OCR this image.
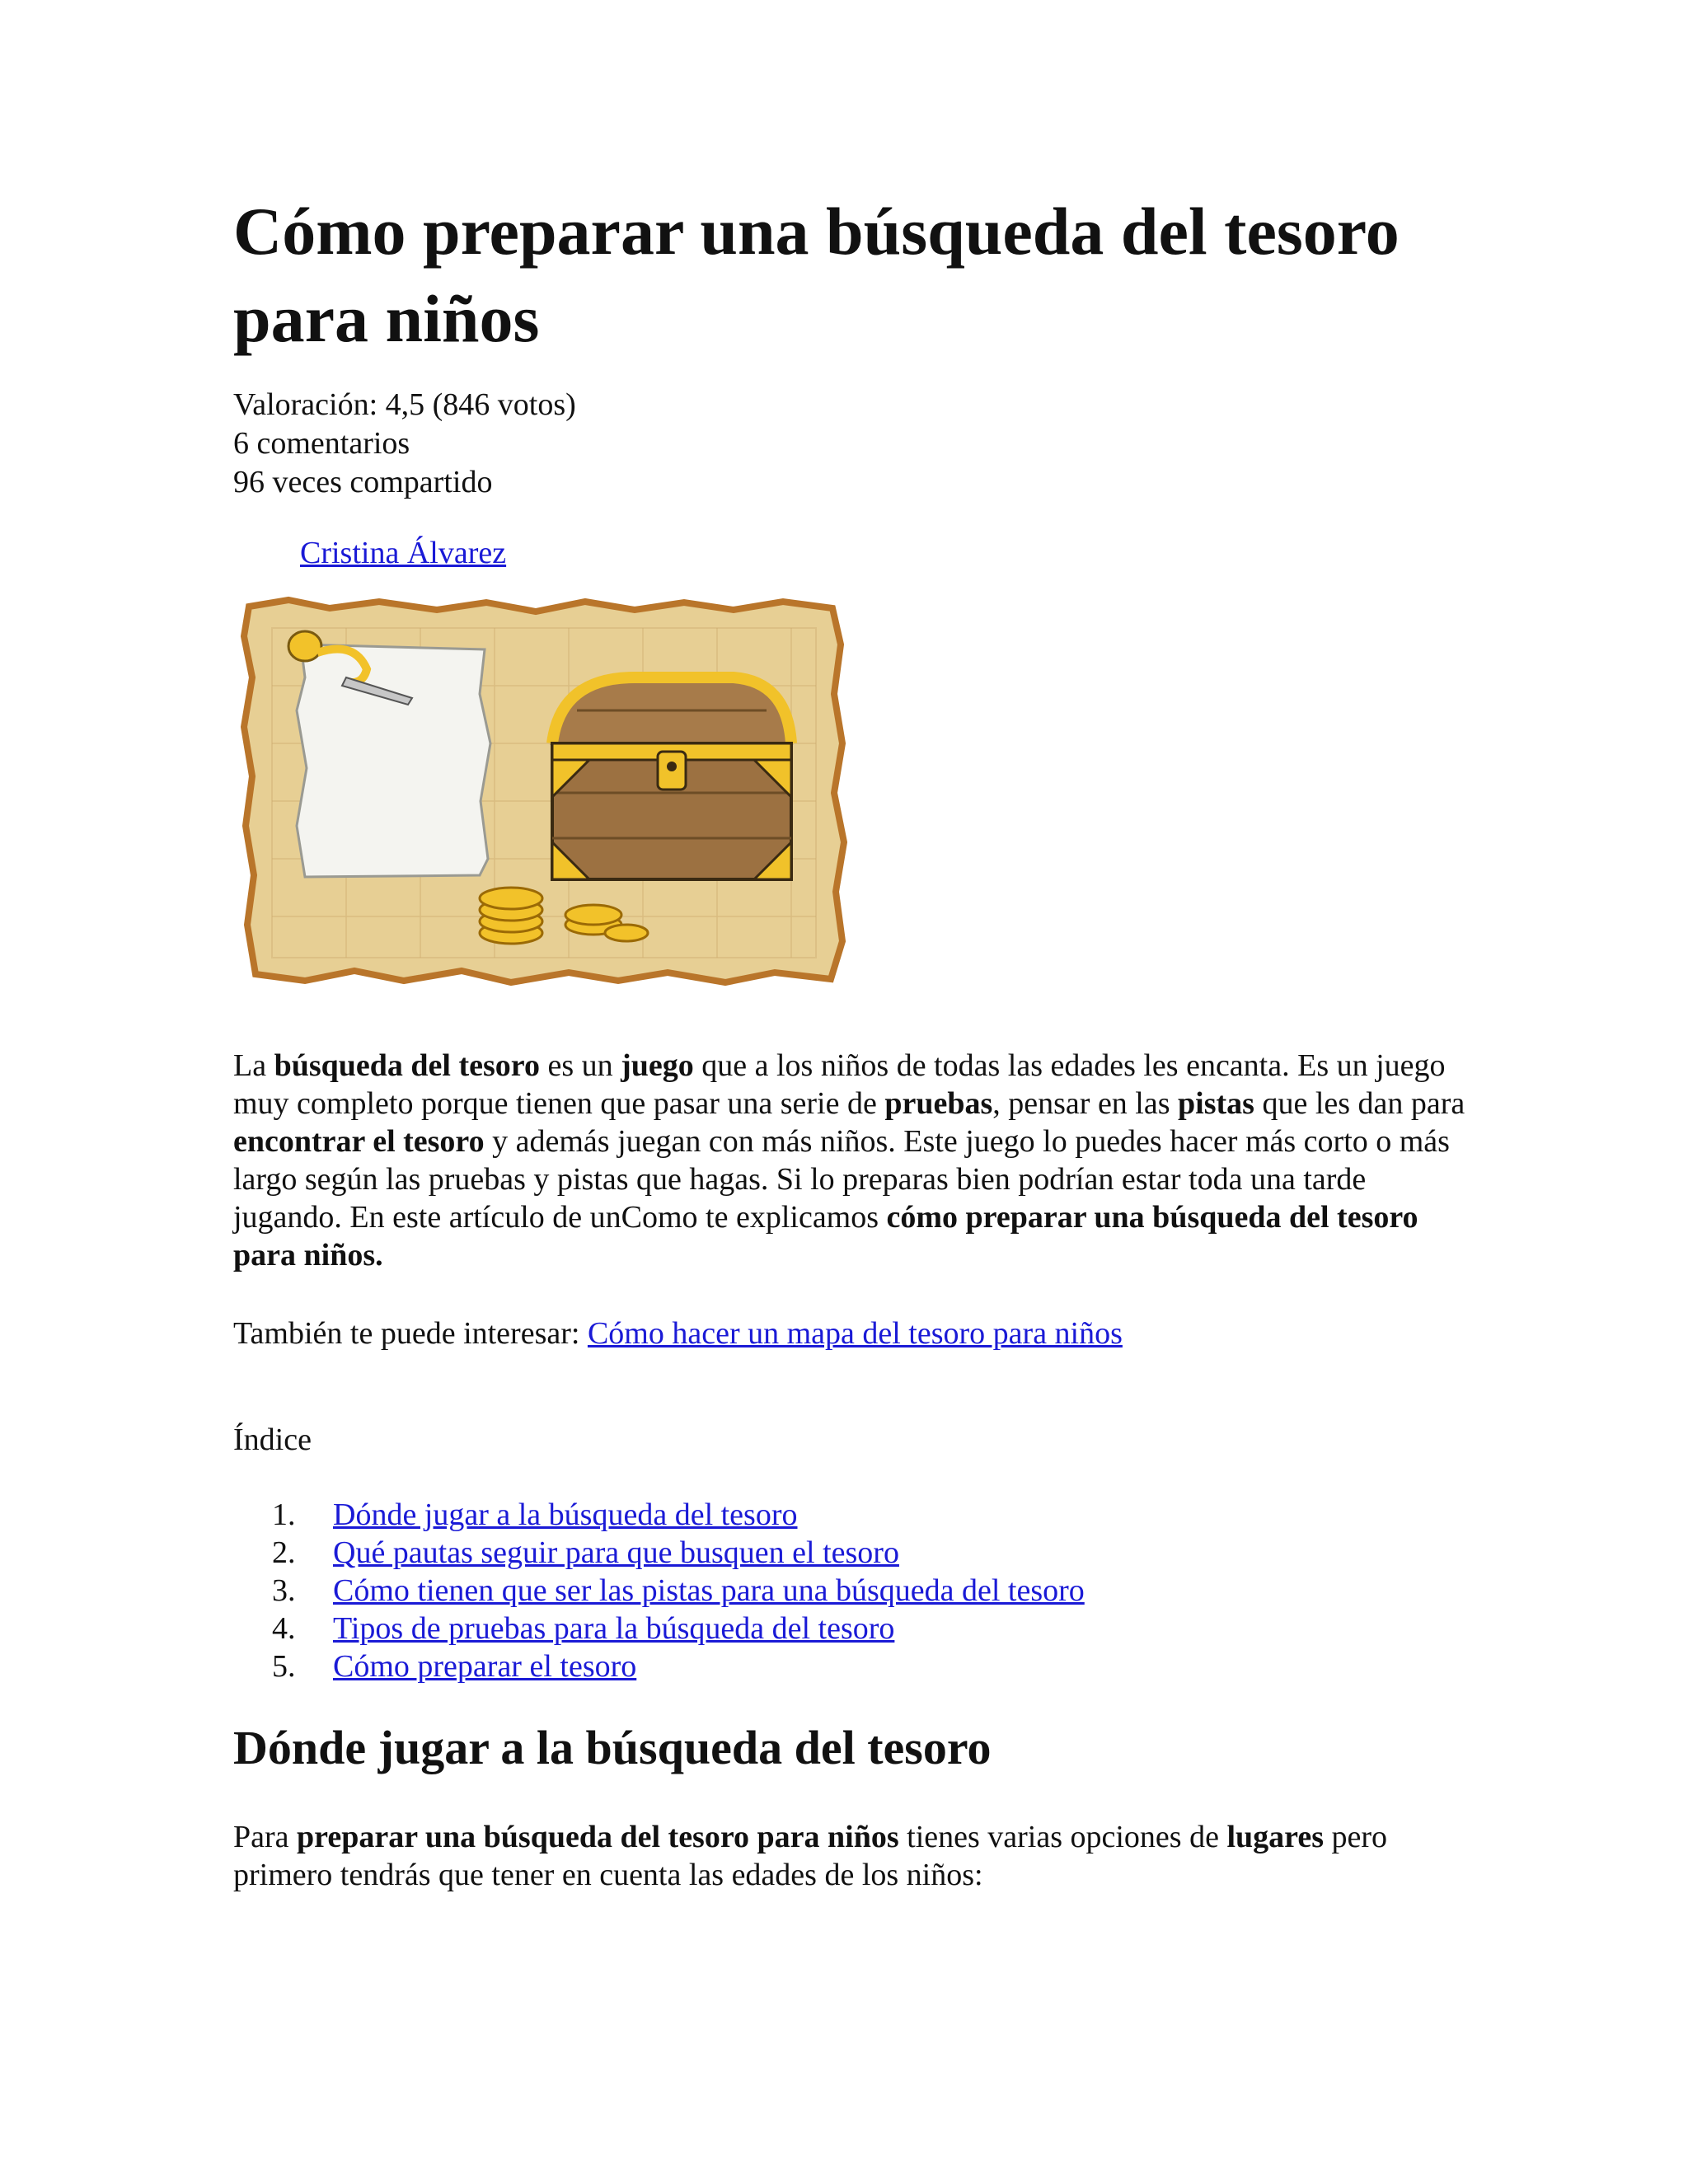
Cómo preparar una búsqueda del tesoro para niños
Valoración: 4,5 (846 votos)
6 comentarios
96 veces compartido
Cristina Álvarez

La búsqueda del tesoro es un juego que a los niños de todas las edades les encanta. Es un juego muy completo porque tienen que pasar una serie de pruebas, pensar en las pistas que les dan para encontrar el tesoro y además juegan con más niños. Este juego lo puedes hacer más corto o más largo según las pruebas y pistas que hagas. Si lo preparas bien podrían estar toda una tarde jugando. En este artículo de unComo te explicamos cómo preparar una búsqueda del tesoro para niños.

También te puede interesar: Cómo hacer un mapa del tesoro para niños

Índice
1.	Dónde jugar a la búsqueda del tesoro
2.	Qué pautas seguir para que busquen el tesoro
3.	Cómo tienen que ser las pistas para una búsqueda del tesoro
4.	Tipos de pruebas para la búsqueda del tesoro
5.	Cómo preparar el tesoro
Dónde jugar a la búsqueda del tesoro

Para preparar una búsqueda del tesoro para niños tienes varias opciones de lugares pero primero tendrás que tener en cuenta las edades de los niños:
